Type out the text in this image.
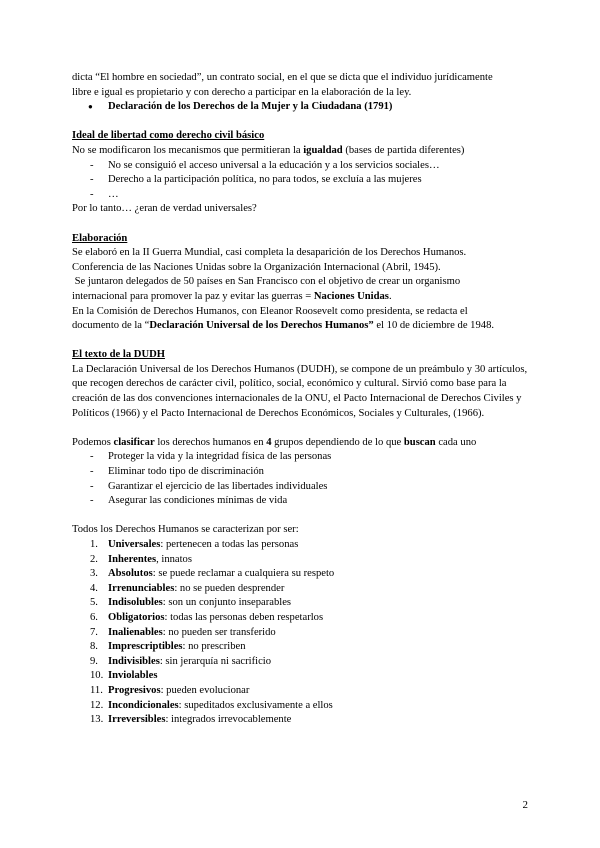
dicta “El hombre en sociedad”, un contrato social, en el que se dicta que el individuo jurídicamente

libre e igual es propietario y con derecho a participar en la elaboración de la ley.

● Declaración de los Derechos de la Mujer y la Ciudadana (1791)

Ideal de libertad como derecho civil básico

No se modificaron los mecanismos que permitieran la igualdad (bases de partida diferentes)

- No se consiguió el acceso universal a la educación y a los servicios sociales…
- Derecho a la participación política, no para todos, se excluía a las mujeres
- …

Por lo tanto… ¿eran de verdad universales?

Elaboración

Se elaboró en la II Guerra Mundial, casi completa la desaparición de los Derechos Humanos.

Conferencia de las Naciones Unidas sobre la Organización Internacional (Abril, 1945).

Se juntaron delegados de 50 países en San Francisco con el objetivo de crear un organismo

internacional para promover la paz y evitar las guerras = Naciones Unidas.

En la Comisión de Derechos Humanos, con Eleanor Roosevelt como presidenta, se redacta el

documento de la “Declaración Universal de los Derechos Humanos” el 10 de diciembre de 1948.

El texto de la DUDH

La Declaración Universal de los Derechos Humanos (DUDH), se compone de un preámbulo y 30 artículos, que recogen derechos de carácter civil, político, social, económico y cultural. Sirvió como base para la creación de las dos convenciones internacionales de la ONU, el Pacto Internacional de Derechos Civiles y Políticos (1966) y el Pacto Internacional de Derechos Económicos, Sociales y Culturales, (1966).

Podemos clasificar los derechos humanos en 4 grupos dependiendo de lo que buscan cada uno

- Proteger la vida y la integridad física de las personas
- Eliminar todo tipo de discriminación
- Garantizar el ejercicio de las libertades individuales
- Asegurar las condiciones mínimas de vida

Todos los Derechos Humanos se caracterizan por ser:

1. Universales: pertenecen a todas las personas
2. Inherentes, innatos
3. Absolutos: se puede reclamar a cualquiera su respeto
4. Irrenunciables: no se pueden desprender
5. Indisolubles: son un conjunto inseparables
6. Obligatorios: todas las personas deben respetarlos
7. Inalienables: no pueden ser transferido
8. Imprescriptibles: no prescriben
9. Indivisibles: sin jerarquía ni sacrificio
10. Inviolables
11. Progresivos: pueden evolucionar
12. Incondicionales: supeditados exclusivamente a ellos
13. Irreversibles: integrados irrevocablemente
2
